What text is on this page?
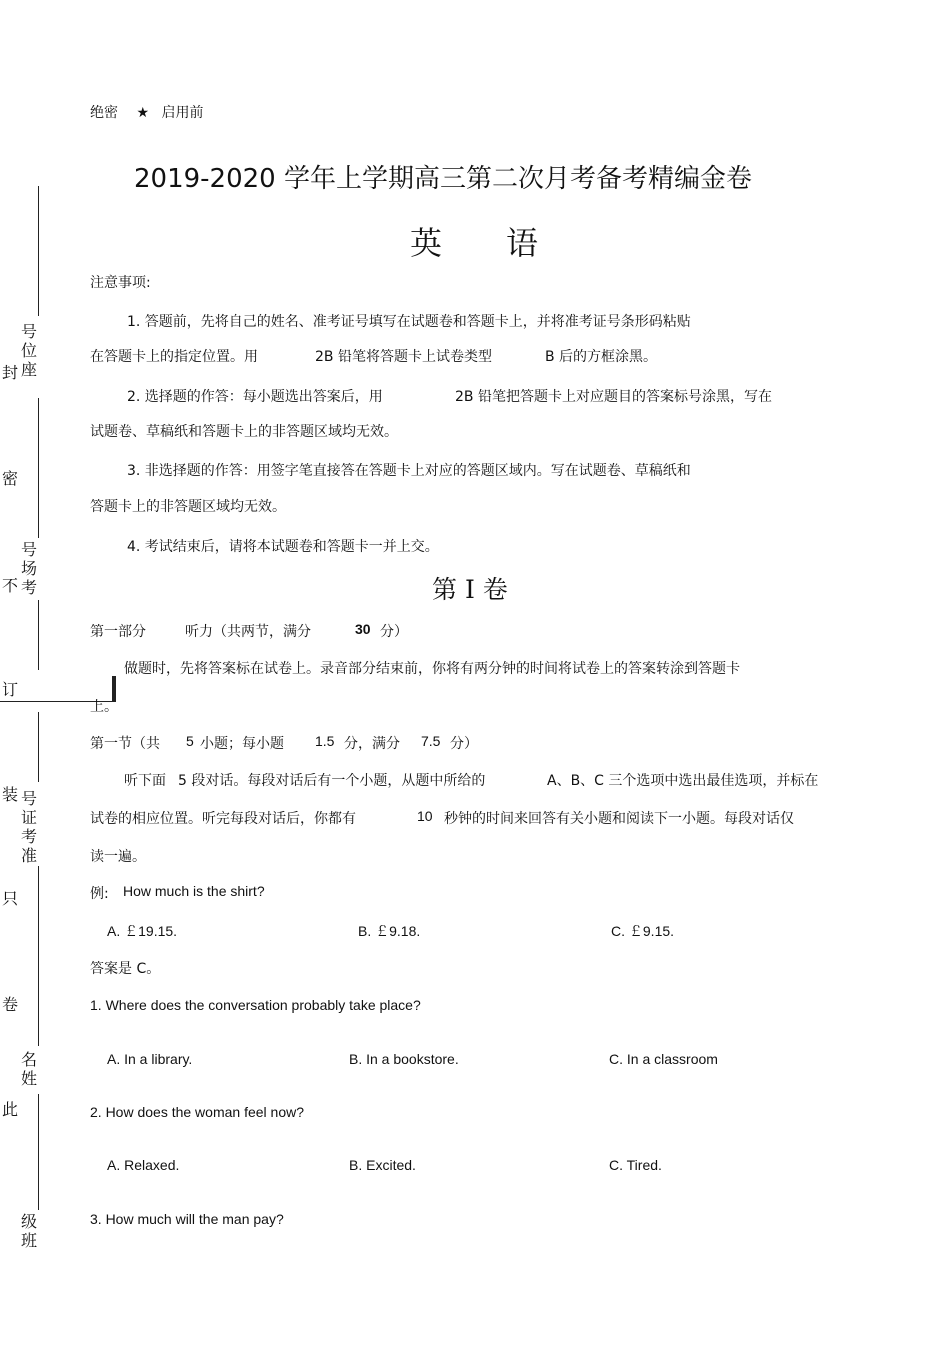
号位座
封
密
号场考
不
订
装 号证考准
只
卷
名姓
此
级班
绝密 ★ 启用前
2019-2020 学年上学期高三第二次月考备考精编金卷
英 语
注意事项:
1. 答题前，先将自己的姓名、准考证号填写在试题卷和答题卡上，并将准考证号条形码粘贴
在答题卡上的指定位置。用	2B 铅笔将答题卡上试卷类型	B 后的方框涂黑。
2. 选择题的作答：每小题选出答案后，用	2B 铅笔把答题卡上对应题目的答案标号涂黑，写在
试题卷、草稿纸和答题卡上的非答题区域均无效。
3. 非选择题的作答：用签字笔直接答在答题卡上对应的答题区域内。写在试题卷、草稿纸和
答题卡上的非答题区域均无效。
4. 考试结束后，请将本试题卷和答题卡一并上交。
第 I 卷
第一部分	听力（共两节，满分	30 分）
做题时，先将答案标在试卷上。录音部分结束前，你将有两分钟的时间将试卷上的答案转涂到答题卡
上。
第一节（共 5 小题；每小题 1.5 分，满分 7.5 分）
听下面 5 段对话。每段对话后有一个小题，从题中所给的	A、B、C 三个选项中选出最佳选项，并标在
试卷的相应位置。听完每段对话后，你都有	10 秒钟的时间来回答有关小题和阅读下一小题。每段对话仅
读一遍。
例: How much is the shirt?
A. ￡19.15.	B. ￡9.18.	C. ￡9.15.
答案是 C。
1. Where does the conversation probably take place?
A. In a library.	B. In a bookstore.	C. In a classroom
2. How does the woman feel now?
A. Relaxed.	B. Excited.	C. Tired.
3. How much will the man pay?
